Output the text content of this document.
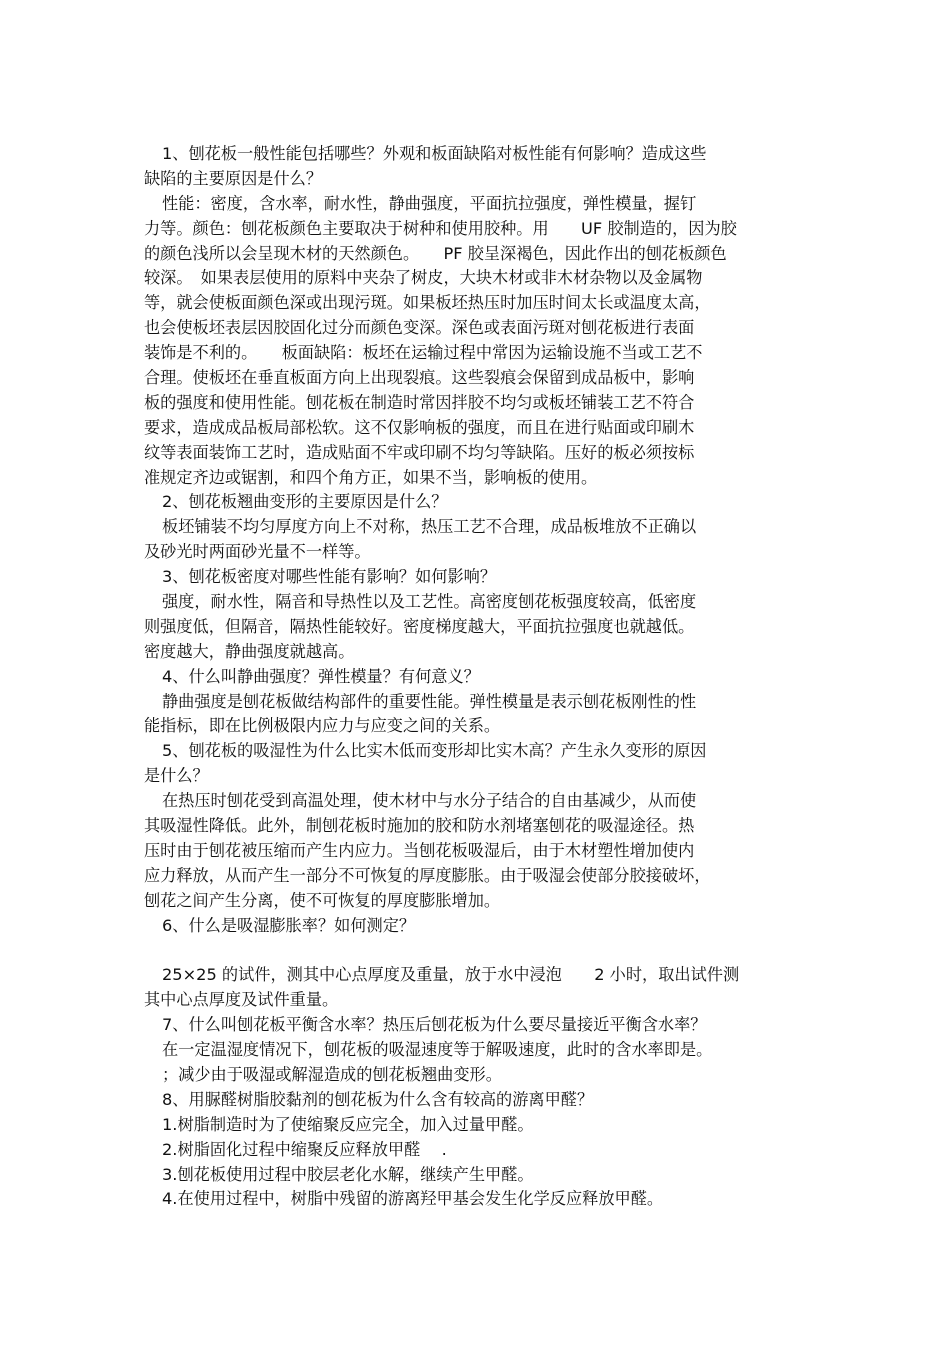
1、刨花板一般性能包括哪些？外观和板面缺陷对板性能有何影响？造成这些
缺陷的主要原因是什么？
性能：密度，含水率，耐水性，静曲强度，平面抗拉强度，弹性模量，握钉
力等。颜色：刨花板颜色主要取决于树种和使用胶种。用　　UF 胶制造的，因为胶
的颜色浅所以会呈现木材的天然颜色。　　PF 胶呈深褐色，因此作出的刨花板颜色
较深。　如果表层使用的原料中夹杂了树皮，大块木材或非木材杂物以及金属物
等，就会使板面颜色深或出现污斑。如果板坯热压时加压时间太长或温度太高，
也会使板坯表层因胶固化过分而颜色变深。深色或表面污斑对刨花板进行表面
装饰是不利的。　　板面缺陷：板坯在运输过程中常因为运输设施不当或工艺不
合理。使板坯在垂直板面方向上出现裂痕。这些裂痕会保留到成品板中，影响
板的强度和使用性能。刨花板在制造时常因拌胶不均匀或板坯铺装工艺不符合
要求，造成成品板局部松软。这不仅影响板的强度，而且在进行贴面或印刷木
纹等表面装饰工艺时，造成贴面不牢或印刷不均匀等缺陷。压好的板必须按标
准规定齐边或锯割，和四个角方正，如果不当，影响板的使用。
2、刨花板翘曲变形的主要原因是什么？
板坯铺装不均匀厚度方向上不对称，热压工艺不合理，成品板堆放不正确以
及砂光时两面砂光量不一样等。
3、刨花板密度对哪些性能有影响？如何影响？
强度，耐水性，隔音和导热性以及工艺性。高密度刨花板强度较高，低密度
则强度低，但隔音，隔热性能较好。密度梯度越大，平面抗拉强度也就越低。
密度越大，静曲强度就越高。
4、什么叫静曲强度？弹性模量？有何意义？
静曲强度是刨花板做结构部件的重要性能。弹性模量是表示刨花板刚性的性
能指标，即在比例极限内应力与应变之间的关系。
5、刨花板的吸湿性为什么比实木低而变形却比实木高？产生永久变形的原因
是什么？
在热压时刨花受到高温处理，使木材中与水分子结合的自由基减少，从而使
其吸湿性降低。此外，制刨花板时施加的胶和防水剂堵塞刨花的吸湿途径。热
压时由于刨花被压缩而产生内应力。当刨花板吸湿后，由于木材塑性增加使内
应力释放，从而产生一部分不可恢复的厚度膨胀。由于吸湿会使部分胶接破坏，
刨花之间产生分离，使不可恢复的厚度膨胀增加。
6、什么是吸湿膨胀率？如何测定？
25×25 的试件，测其中心点厚度及重量，放于水中浸泡　　2 小时，取出试件测
其中心点厚度及试件重量。
7、什么叫刨花板平衡含水率？热压后刨花板为什么要尽量接近平衡含水率？
在一定温湿度情况下，刨花板的吸湿速度等于解吸速度，此时的含水率即是。
；减少由于吸湿或解湿造成的刨花板翘曲变形。
8、用脲醛树脂胶黏剂的刨花板为什么含有较高的游离甲醛？
1.树脂制造时为了使缩聚反应完全，加入过量甲醛。
2.树脂固化过程中缩聚反应释放甲醛　 .
3.刨花板使用过程中胶层老化水解，继续产生甲醛。
4.在使用过程中，树脂中残留的游离羟甲基会发生化学反应释放甲醛。
